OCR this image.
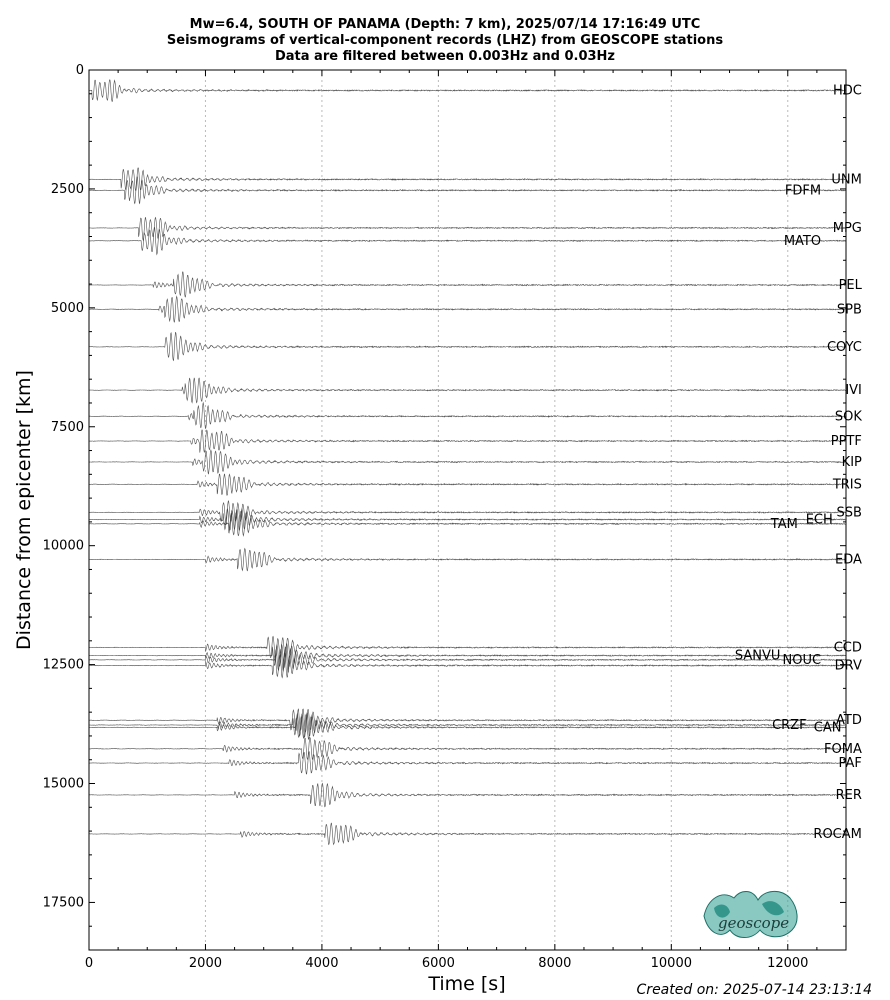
Mw=6.4, SOUTH OF PANAMA (Depth: 7 km), 2025/07/14 17:16:49 UTC
Seismograms of vertical-component records (LHZ) from GEOSCOPE stations
Data are filtered between 0.003Hz and 0.03Hz
HDC
UNM
FDFM
MPG
MATO
PEL
SPB
COYC
IVI
SOK
PPTF
KIP
TRIS
SSB
ECH
TAM
EDA
CCD
SANVU NOUC DRV
ATD
CRZF CAN
FOMA
PAF
RER
ROCAM
0	2000	4000	6000	8000	10000	12000
0
2500
5000
7500
10000
12500
15000
17500
Time [s]
Distance from epicenter [km]
geoscope
Created on: 2025-07-14 23:13:14
